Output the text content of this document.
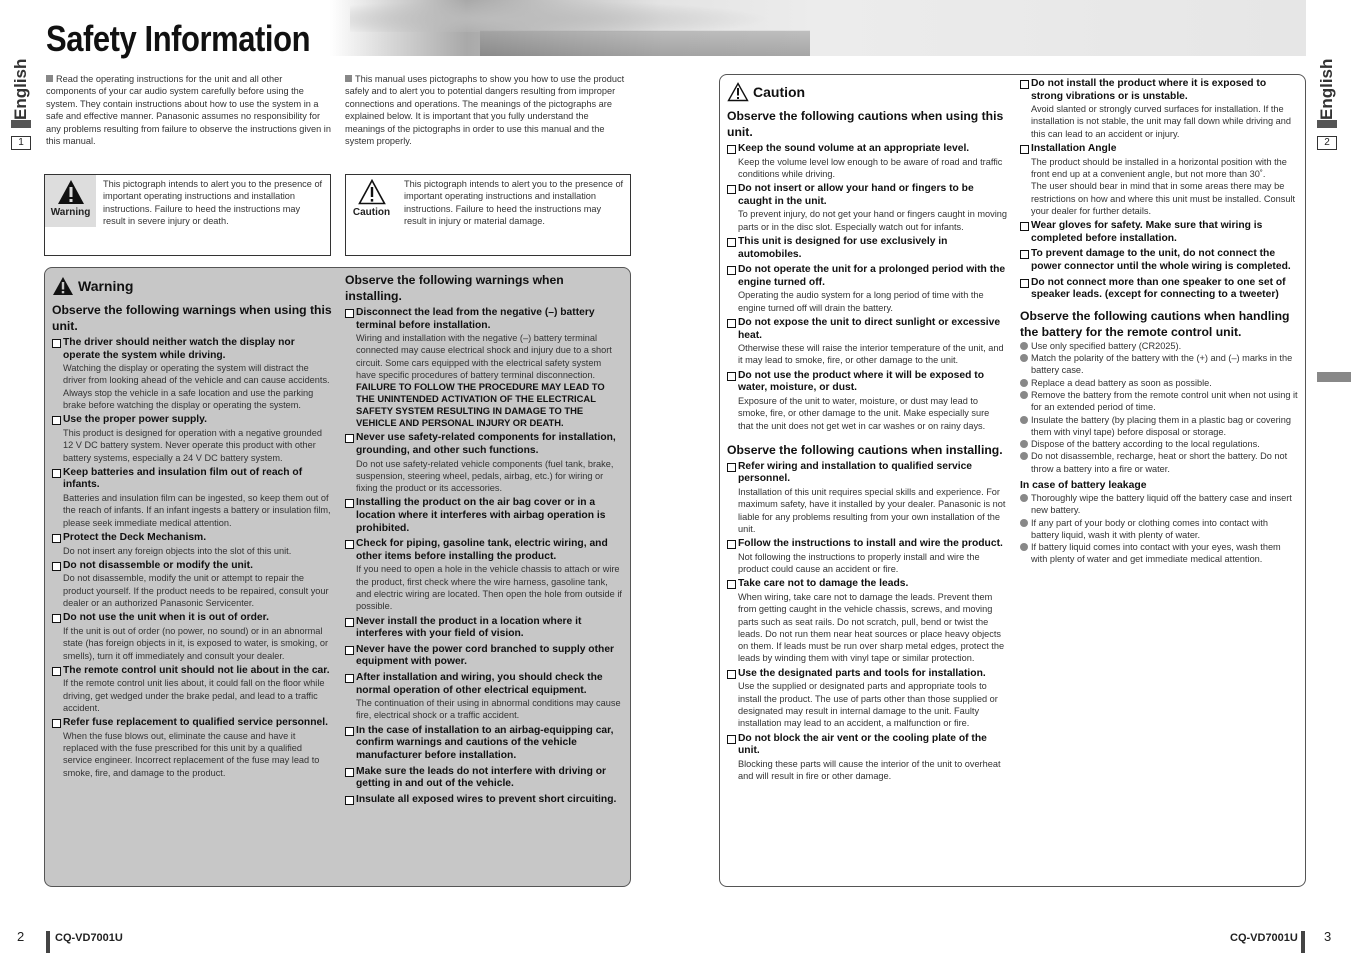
Safety Information
English
1
English
2
Read the operating instructions for the unit and all other components of your car audio system carefully before using the system. They contain instructions about how to use the system in a safe and effective manner. Panasonic assumes no responsibility for any problems resulting from failure to observe the instructions given in this manual.
This manual uses pictographs to show you how to use the product safely and to alert you to potential dangers resulting from improper connections and operations. The meanings of the pictographs are explained below. It is important that you fully understand the meanings of the pictographs in order to use this manual and the system properly.
Warning
This pictograph intends to alert you to the presence of important operating instructions and installation instructions. Failure to heed the instructions may result in severe injury or death.
Caution
This pictograph intends to alert you to the presence of important operating instructions and installation instructions. Failure to heed the instructions may result in injury or material damage.
Warning
Observe the following warnings when using this unit.
The driver should neither watch the display nor operate the system while driving.
Watching the display or operating the system will distract the driver from looking ahead of the vehicle and can cause accidents. Always stop the vehicle in a safe location and use the parking brake before watching the display or operating the system.
Use the proper power supply.
This product is designed for operation with a negative grounded 12 V DC battery system. Never operate this product with other battery systems, especially a 24 V DC battery system.
Keep batteries and insulation film out of reach of infants.
Batteries and insulation film can be ingested, so keep them out of the reach of infants. If an infant ingests a battery or insulation film, please seek immediate medical attention.
Protect the Deck Mechanism.
Do not insert any foreign objects into the slot of this unit.
Do not disassemble or modify the unit.
Do not disassemble, modify the unit or attempt to repair the product yourself. If the product needs to be repaired, consult your dealer or an authorized Panasonic Servicenter.
Do not use the unit when it is out of order.
If the unit is out of order (no power, no sound) or in an abnormal state (has foreign objects in it, is exposed to water, is smoking, or smells), turn it off immediately and consult your dealer.
The remote control unit should not lie about in the car.
If the remote control unit lies about, it could fall on the floor while driving, get wedged under the brake pedal, and lead to a traffic accident.
Refer fuse replacement to qualified service personnel.
When the fuse blows out, eliminate the cause and have it replaced with the fuse prescribed for this unit by a qualified service engineer. Incorrect replacement of the fuse may lead to smoke, fire, and damage to the product.
Observe the following warnings when installing.
Disconnect the lead from the negative (–) battery terminal before installation.
Wiring and installation with the negative (–) battery terminal connected may cause electrical shock and injury due to a short circuit. Some cars equipped with the electrical safety system have specific procedures of battery terminal disconnection.
FAILURE TO FOLLOW THE PROCEDURE MAY LEAD TO THE UNINTENDED ACTIVATION OF THE ELECTRICAL SAFETY SYSTEM RESULTING IN DAMAGE TO THE VEHICLE AND PERSONAL INJURY OR DEATH.
Never use safety-related components for installation, grounding, and other such functions.
Do not use safety-related vehicle components (fuel tank, brake, suspension, steering wheel, pedals, airbag, etc.) for wiring or fixing the product or its accessories.
Installing the product on the air bag cover or in a location where it interferes with airbag operation is prohibited.
Check for piping, gasoline tank, electric wiring, and other items before installing the product.
If you need to open a hole in the vehicle chassis to attach or wire the product, first check where the wire harness, gasoline tank, and electric wiring are located. Then open the hole from outside if possible.
Never install the product in a location where it interferes with your field of vision.
Never have the power cord branched to supply other equipment with power.
After installation and wiring, you should check the normal operation of other electrical equipment.
The continuation of their using in abnormal conditions may cause fire, electrical shock or a traffic accident.
In the case of installation to an airbag-equipping car, confirm warnings and cautions of the vehicle manufacturer before installation.
Make sure the leads do not interfere with driving or getting in and out of the vehicle.
Insulate all exposed wires to prevent short circuiting.
Caution
Observe the following cautions when using this unit.
Keep the sound volume at an appropriate level.
Keep the volume level low enough to be aware of road and traffic conditions while driving.
Do not insert or allow your hand or fingers to be caught in the unit.
To prevent injury, do not get your hand or fingers caught in moving parts or in the disc slot. Especially watch out for infants.
This unit is designed for use exclusively in automobiles.
Do not operate the unit for a prolonged period with the engine turned off.
Operating the audio system for a long period of time with the engine turned off will drain the battery.
Do not expose the unit to direct sunlight or excessive heat.
Otherwise these will raise the interior temperature of the unit, and it may lead to smoke, fire, or other damage to the unit.
Do not use the product where it will be exposed to water, moisture, or dust.
Exposure of the unit to water, moisture, or dust may lead to smoke, fire, or other damage to the unit. Make especially sure that the unit does not get wet in car washes or on rainy days.
Observe the following cautions when installing.
Refer wiring and installation to qualified service personnel.
Installation of this unit requires special skills and experience. For maximum safety, have it installed by your dealer. Panasonic is not liable for any problems resulting from your own installation of the unit.
Follow the instructions to install and wire the product.
Not following the instructions to properly install and wire the product could cause an accident or fire.
Take care not to damage the leads.
When wiring, take care not to damage the leads. Prevent them from getting caught in the vehicle chassis, screws, and moving parts such as seat rails. Do not scratch, pull, bend or twist the leads. Do not run them near heat sources or place heavy objects on them. If leads must be run over sharp metal edges, protect the leads by winding them with vinyl tape or similar protection.
Use the designated parts and tools for installation.
Use the supplied or designated parts and appropriate tools to install the product. The use of parts other than those supplied or designated may result in internal damage to the unit. Faulty installation may lead to an accident, a malfunction or fire.
Do not block the air vent or the cooling plate of the unit.
Blocking these parts will cause the interior of the unit to overheat and will result in fire or other damage.
Do not install the product where it is exposed to strong vibrations or is unstable.
Avoid slanted or strongly curved surfaces for installation. If the installation is not stable, the unit may fall down while driving and this can lead to an accident or injury.
Installation Angle
The product should be installed in a horizontal position with the front end up at a convenient angle, but not more than 30˚.
The user should bear in mind that in some areas there may be restrictions on how and where this unit must be installed. Consult your dealer for further details.
Wear gloves for safety. Make sure that wiring is completed before installation.
To prevent damage to the unit, do not connect the power connector until the whole wiring is completed.
Do not connect more than one speaker to one set of speaker leads. (except for connecting to a tweeter)
Observe the following cautions when handling the battery for the remote control unit.
Use only specified battery (CR2025).
Match the polarity of the battery with the (+) and (–) marks in the battery case.
Replace a dead battery as soon as possible.
Remove the battery from the remote control unit when not using it for an extended period of time.
Insulate the battery (by placing them in a plastic bag or covering them with vinyl tape) before disposal or storage.
Dispose of the battery according to the local regulations.
Do not disassemble, recharge, heat or short the battery. Do not throw a battery into a fire or water.
In case of battery leakage
Thoroughly wipe the battery liquid off the battery case and insert new battery.
If any part of your body or clothing comes into contact with battery liquid, wash it with plenty of water.
If battery liquid comes into contact with your eyes, wash them with plenty of water and get immediate medical attention.
2	CQ-VD7001U	CQ-VD7001U 3
